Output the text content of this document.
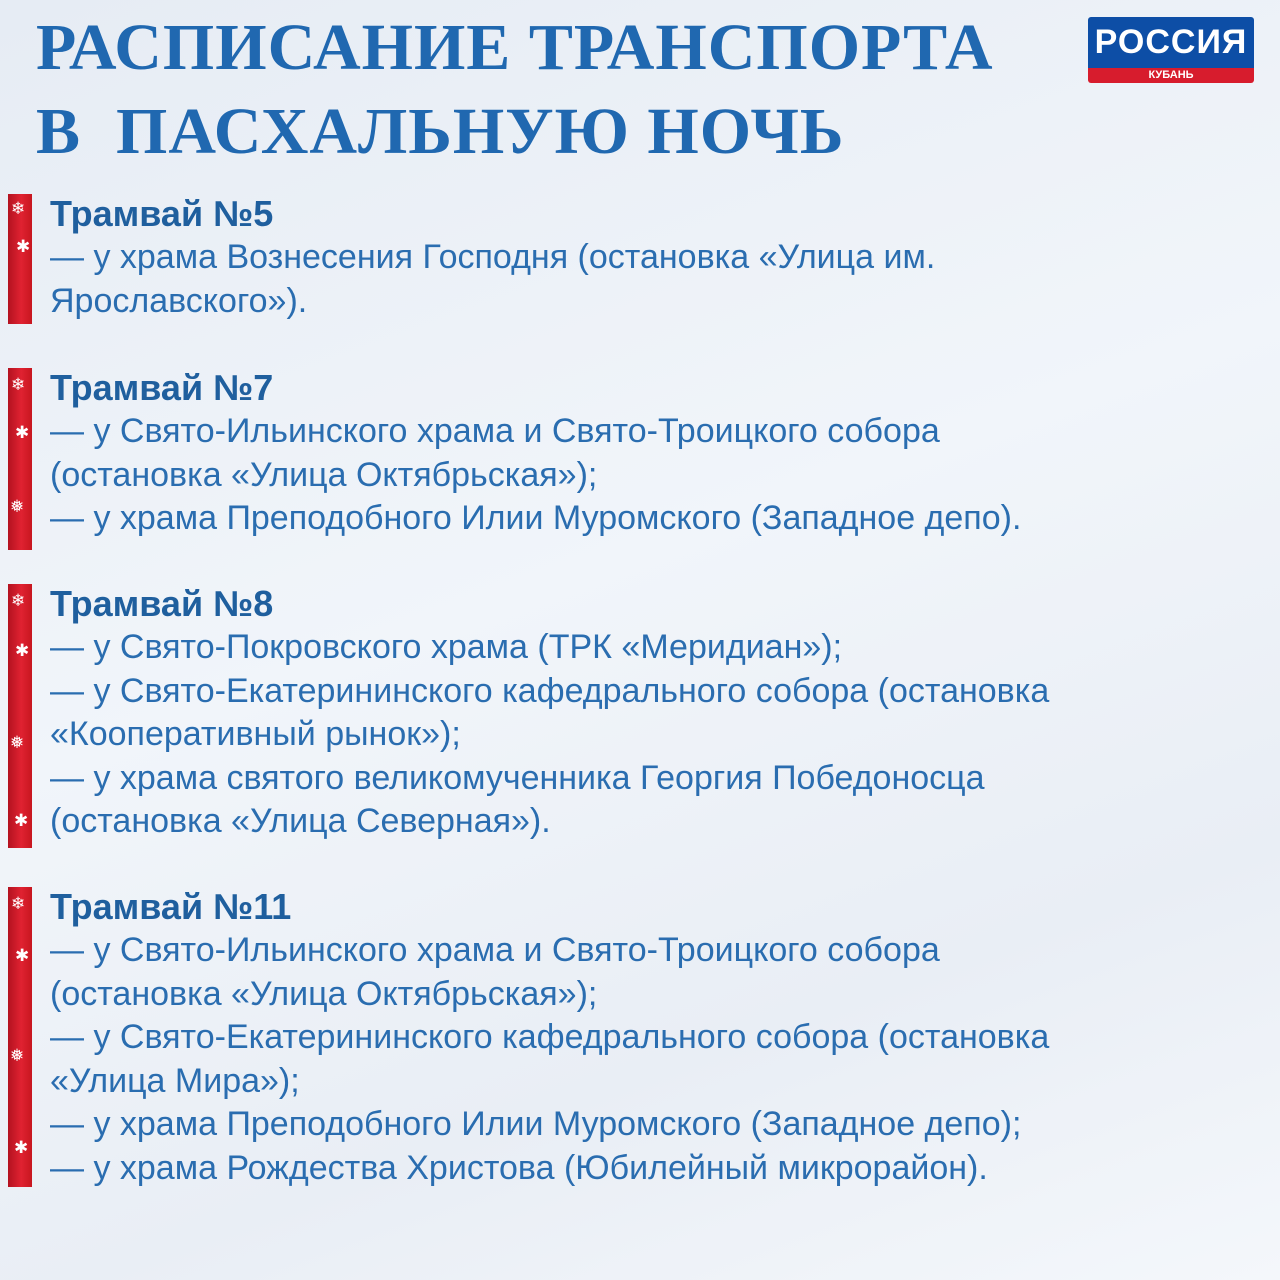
РАСПИСАНИЕ ТРАНСПОРТА
В  ПАСХАЛЬНУЮ НОЧЬ
РОССИЯ
КУБАНЬ
❄
✱
Трамвай №5
— у храма Вознесения Господня (остановка «Улица им.
Ярославского»).
❄
✱
❅
Трамвай №7
— у Свято-Ильинского храма и Свято-Троицкого собора
(остановка «Улица Октябрьская»);
— у храма Преподобного Илии Муромского (Западное депо).
❄
✱
❅
✱
Трамвай №8
— у Свято-Покровского храма (ТРК «Меридиан»);
— у Свято-Екатерининского кафедрального собора (остановка
«Кооперативный рынок»);
— у храма святого великомученника Георгия Победоносца
(остановка «Улица Северная»).
❄
✱
❅
✱
Трамвай №11
— у Свято-Ильинского храма и Свято-Троицкого собора
(остановка «Улица Октябрьская»);
— у Свято-Екатерининского кафедрального собора (остановка
«Улица Мира»);
— у храма Преподобного Илии Муромского (Западное депо);
— у храма Рождества Христова (Юбилейный микрорайон).
